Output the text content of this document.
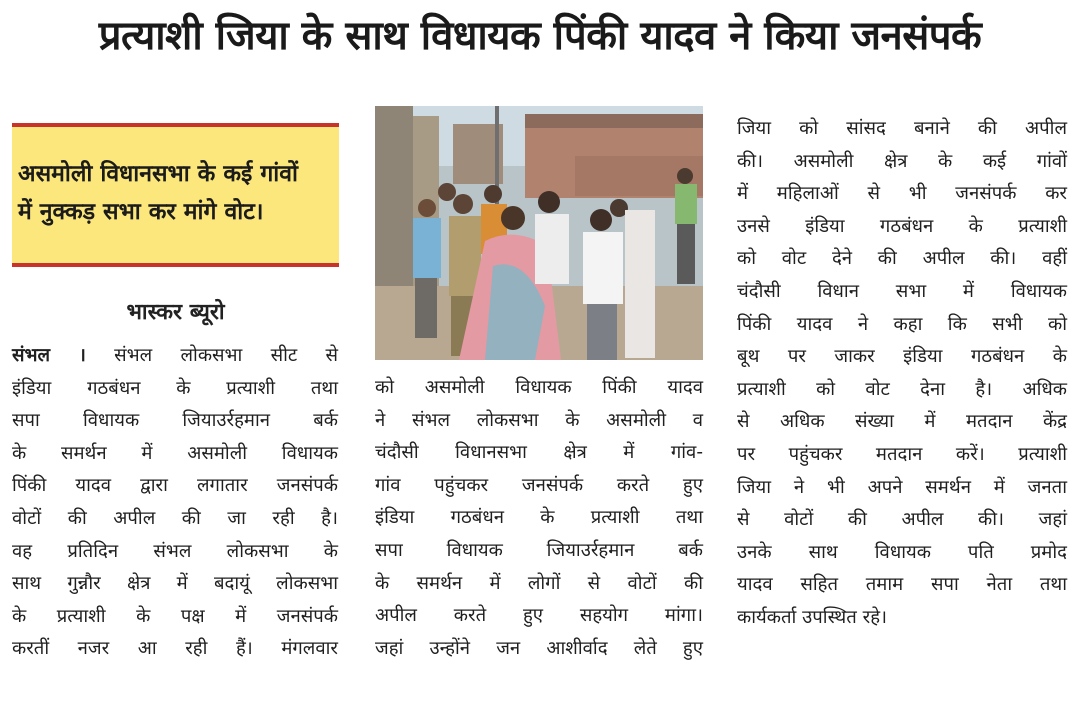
प्रत्याशी जिया के साथ विधायक पिंकी यादव ने किया जनसंपर्क

असमोली विधानसभा के कई गांवों

में नुक्कड़ सभा कर मांगे वोट।

भास्कर ब्यूरो

संभल । संभल लोकसभा सीट से

इंडिया गठबंधन के प्रत्याशी तथा

सपा विधायक जियाउर्रहमान बर्क

के समर्थन में असमोली विधायक

पिंकी यादव द्वारा लगातार जनसंपर्क

वोटों की अपील की जा रही है।

वह प्रतिदिन संभल लोकसभा के

साथ गुन्नौर क्षेत्र में बदायूं लोकसभा

के प्रत्याशी के पक्ष में जनसंपर्क

करतीं नजर आ रही हैं। मंगलवार

को असमोली विधायक पिंकी यादव

ने संभल लोकसभा के असमोली व

चंदौसी विधानसभा क्षेत्र में गांव-

गांव पहुंचकर जनसंपर्क करते हुए

इंडिया गठबंधन के प्रत्याशी तथा

सपा विधायक जियाउर्रहमान बर्क

के समर्थन में लोगों से वोटों की

अपील करते हुए सहयोग मांगा।

जहां उन्होंने जन आशीर्वाद लेते हुए

जिया को सांसद बनाने की अपील

की। असमोली क्षेत्र के कई गांवों

में महिलाओं से भी जनसंपर्क कर

उनसे इंडिया गठबंधन के प्रत्याशी

को वोट देने की अपील की। वहीं

चंदौसी विधान सभा में विधायक

पिंकी यादव ने कहा कि सभी को

बूथ पर जाकर इंडिया गठबंधन के

प्रत्याशी को वोट देना है। अधिक

से अधिक संख्या में मतदान केंद्र

पर पहुंचकर मतदान करें। प्रत्याशी

जिया ने भी अपने समर्थन में जनता

से वोटों की अपील की। जहां

उनके साथ विधायक पति प्रमोद

यादव सहित तमाम सपा नेता तथा

कार्यकर्ता उपस्थित रहे।
